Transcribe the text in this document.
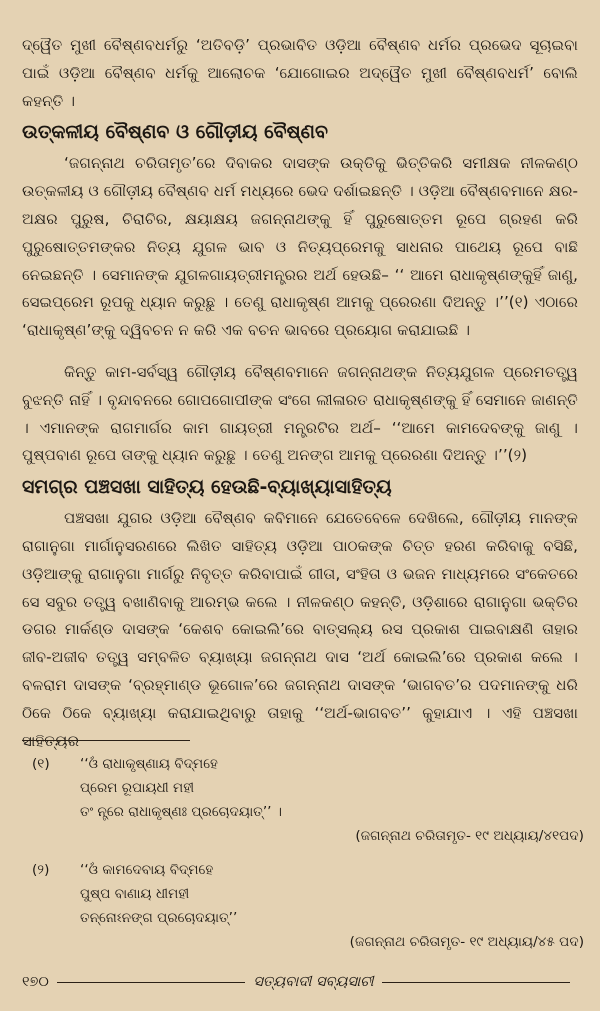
ଦ୍ୱୈତ ମୁଖୀ ବୈଷ୍ଣବଧର୍ମରୁ ‘ଅତିବଡ଼ି’ ପ୍ରଭାବିତ ଓଡ଼ିଆ ବୈଷ୍ଣବ ଧର୍ମର ପ୍ରଭେଦ ସୂଚାଇବା ପାଇଁ ଓଡ଼ିଆ ବୈଷ୍ଣବ ଧର୍ମକୁ ଆଲୋଚକ ‘ଯୋଗୋଇର ଅଦ୍ୱୈତ ମୁଖୀ ବୈଷ୍ଣବଧର୍ମ’ ବୋଲି କହନ୍ତି ।

ଉତ୍କଳୀୟ ବୈଷ୍ଣବ ଓ ଗୌଡ଼ୀୟ ବୈଷ୍ଣବ

‘ଜଗନ୍ନାଥ ଚରିତାମୃତ’ରେ ଦିବାକର ଦାସଙ୍କ ଉକ୍ତିକୁ ଭିତ୍ତିକରି ସମୀକ୍ଷକ ନୀଳକଣ୍ଠ ଉତ୍କଳୀୟ ଓ ଗୌଡ଼ୀୟ ବୈଷ୍ଣବ ଧର୍ମ ମଧ୍ୟରେ ଭେଦ ଦର୍ଶାଇଛନ୍ତି । ଓଡ଼ିଆ ବୈଷ୍ଣବମାନେ କ୍ଷର-ଅକ୍ଷର ପୁରୁଷ, ଚିରାଚିର, କ୍ଷୟାକ୍ଷୟ ଜଗନ୍ନାଥଙ୍କୁ ହିଁ ପୁରୁଷୋତ୍ତମ ରୂପେ ଗ୍ରହଣ କରି ପୁରୁଷୋତ୍ତମଙ୍କର ନିତ୍ୟ ଯୁଗଳ ଭାବ ଓ ନିତ୍ୟପ୍ରେମକୁ ସାଧନାର ପାଥେୟ ରୂପେ ବାଛି ନେଇଛନ୍ତି । ସେମାନଙ୍କ ଯୁଗଳଗାୟତ୍ରୀମନ୍ତ୍ରର ଅର୍ଥ ହେଉଛି– ‘‘ ଆମେ ରାଧାକୃଷ୍ଣଙ୍କୁହିଁ ଜାଣୁ, ସେଇପ୍ରେମ ରୂପକୁ ଧ୍ୟାନ କରୁଛୁ । ତେଣୁ ରାଧାକୃଷ୍ଣ ଆମକୁ ପ୍ରେରଣା ଦିଅନ୍ତୁ ।’’(୧) ଏଠାରେ ‘ରାଧାକୃଷ୍ଣ’ଙ୍କୁ ଦ୍ୱିବଚନ ନ କରି ଏକ ବଚନ ଭାବରେ ପ୍ରୟୋଗ କରାଯାଇଛି ।

କିନ୍ତୁ କାମ-ସର୍ବସ୍ୱ ଗୌଡ଼ୀୟ ବୈଷ୍ଣବମାନେ ଜଗନ୍ନାଥଙ୍କ ନିତ୍ୟଯୁଗଳ ପ୍ରେମତତ୍ତ୍ୱ ବୁଝନ୍ତି ନାହିଁ । ବୃନ୍ଦାବନରେ ଗୋପଗୋପୀଙ୍କ ସଂଗେ ଲୀଳାରତ ରାଧାକୃଷ୍ଣଙ୍କୁ ହିଁ ସେମାନେ ଜାଣନ୍ତି । ଏମାନଙ୍କ ରାଗମାର୍ଗର କାମ ଗାୟତ୍ରୀ ମନ୍ତ୍ରଟିର ଅର୍ଥ– ‘‘ଆମେ କାମଦେବଙ୍କୁ ଜାଣୁ । ପୁଷ୍ପବାଣ ରୂପେ ତାଙ୍କୁ ଧ୍ୟାନ କରୁଛୁ । ତେଣୁ ଅନଙ୍ଗ ଆମକୁ ପ୍ରେରଣା ଦିଅନ୍ତୁ ।’’(୨)

ସମଗ୍ର ପଞ୍ଚସଖା ସାହିତ୍ୟ ହେଉଛି-ବ୍ୟାଖ୍ୟାସାହିତ୍ୟ

ପଞ୍ଚସଖା ଯୁଗର ଓଡ଼ିଆ ବୈଷ୍ଣବ କବିମାନେ ଯେତେବେଳେ ଦେଖିଲେ, ଗୌଡ଼ୀୟ ମାନଙ୍କ ରାଗାନୁଗା ମାର୍ଗାନୁସରଣରେ ଲିଖିତ ସାହିତ୍ୟ ଓଡ଼ିଆ ପାଠକଙ୍କ ଚିତ୍ତ ହରଣ କରିବାକୁ ବସିଛି, ଓଡ଼ିଆଙ୍କୁ ରାଗାନୁଗା ମାର୍ଗରୁ ନିବୃତ୍ତ କରିବାପାଇଁ ଗୀତା, ସଂହିତା ଓ ଭଜନ ମାଧ୍ୟମରେ ସଂକେତରେ ସେ ସବୁର ତତ୍ତ୍ୱ ବଖାଣିବାକୁ ଆରମ୍ଭ କଲେ । ନୀଳକଣ୍ଠ କହନ୍ତି, ଓଡ଼ିଶାରେ ରାଗାନୁଗା ଭକ୍ତିର ଡଗର ମାର୍କଣ୍ଡ ଦାସଙ୍କ ‘କେଶବ କୋଇଲି’ରେ ବାତ୍ସଲ୍ୟ ରସ ପ୍ରକାଶ ପାଇବାକ୍ଷଣି ତାହାର ଜୀବ-ଅଜୀବ ତତ୍ତ୍ୱ ସମ୍ବଳିତ ବ୍ୟାଖ୍ୟା ଜଗନ୍ନାଥ ଦାସ ‘ଅର୍ଥ କୋଇଲି’ରେ ପ୍ରକାଶ କଲେ । ବଳରାମ ଦାସଙ୍କ ‘ବ୍ରହ୍ମାଣ୍ଡ ଭୂଗୋଳ’ରେ ଜଗନ୍ନାଥ ଦାସଙ୍କ ‘ଭାଗବତ’ର ପଦମାନଙ୍କୁ ଧରି ଠିକେ ଠିକେ ବ୍ୟାଖ୍ୟା କରାଯାଇଥିବାରୁ ତାହାକୁ ‘‘ଅର୍ଥ-ଭାଗବତ’’ କୁହାଯାଏ । ଏହି ପଞ୍ଚସଖା ସାହିତ୍ୟର

(୧) ‘‘ଓଁ ରାଧାକୃଷ୍ଣାୟ ବିଦ୍ମହେ
ପ୍ରେମ ରୂପାୟଧୀ ମହୀ
ତଂ ନ୍ତ୍ରେ ରାଧାକୃଷ୍ଣଃ ପ୍ରଚୋଦୟାତ୍’’ ।
(ଜଗନ୍ନାଥ ଚରିତାମୃତ- ୧୯ ଅଧ୍ୟାୟ/୪୧ପଦ)
(୨) ‘‘ଓଁ କାମଦେବାୟ ବିଦ୍ମହେ
ପୁଷ୍ପ ବାଣାୟ ଧୀମହୀ
ତନ୍ନୋଽନଙ୍ଗ ପ୍ରଚୋଦୟାତ୍’’
(ଜଗନ୍ନାଥ ଚରିତାମୃତ- ୧୯ ଅଧ୍ୟାୟ/୪୫ ପଦ)
୧୭୦	ସତ୍ୟବାଦୀ ସବ୍ୟସାଚୀ
